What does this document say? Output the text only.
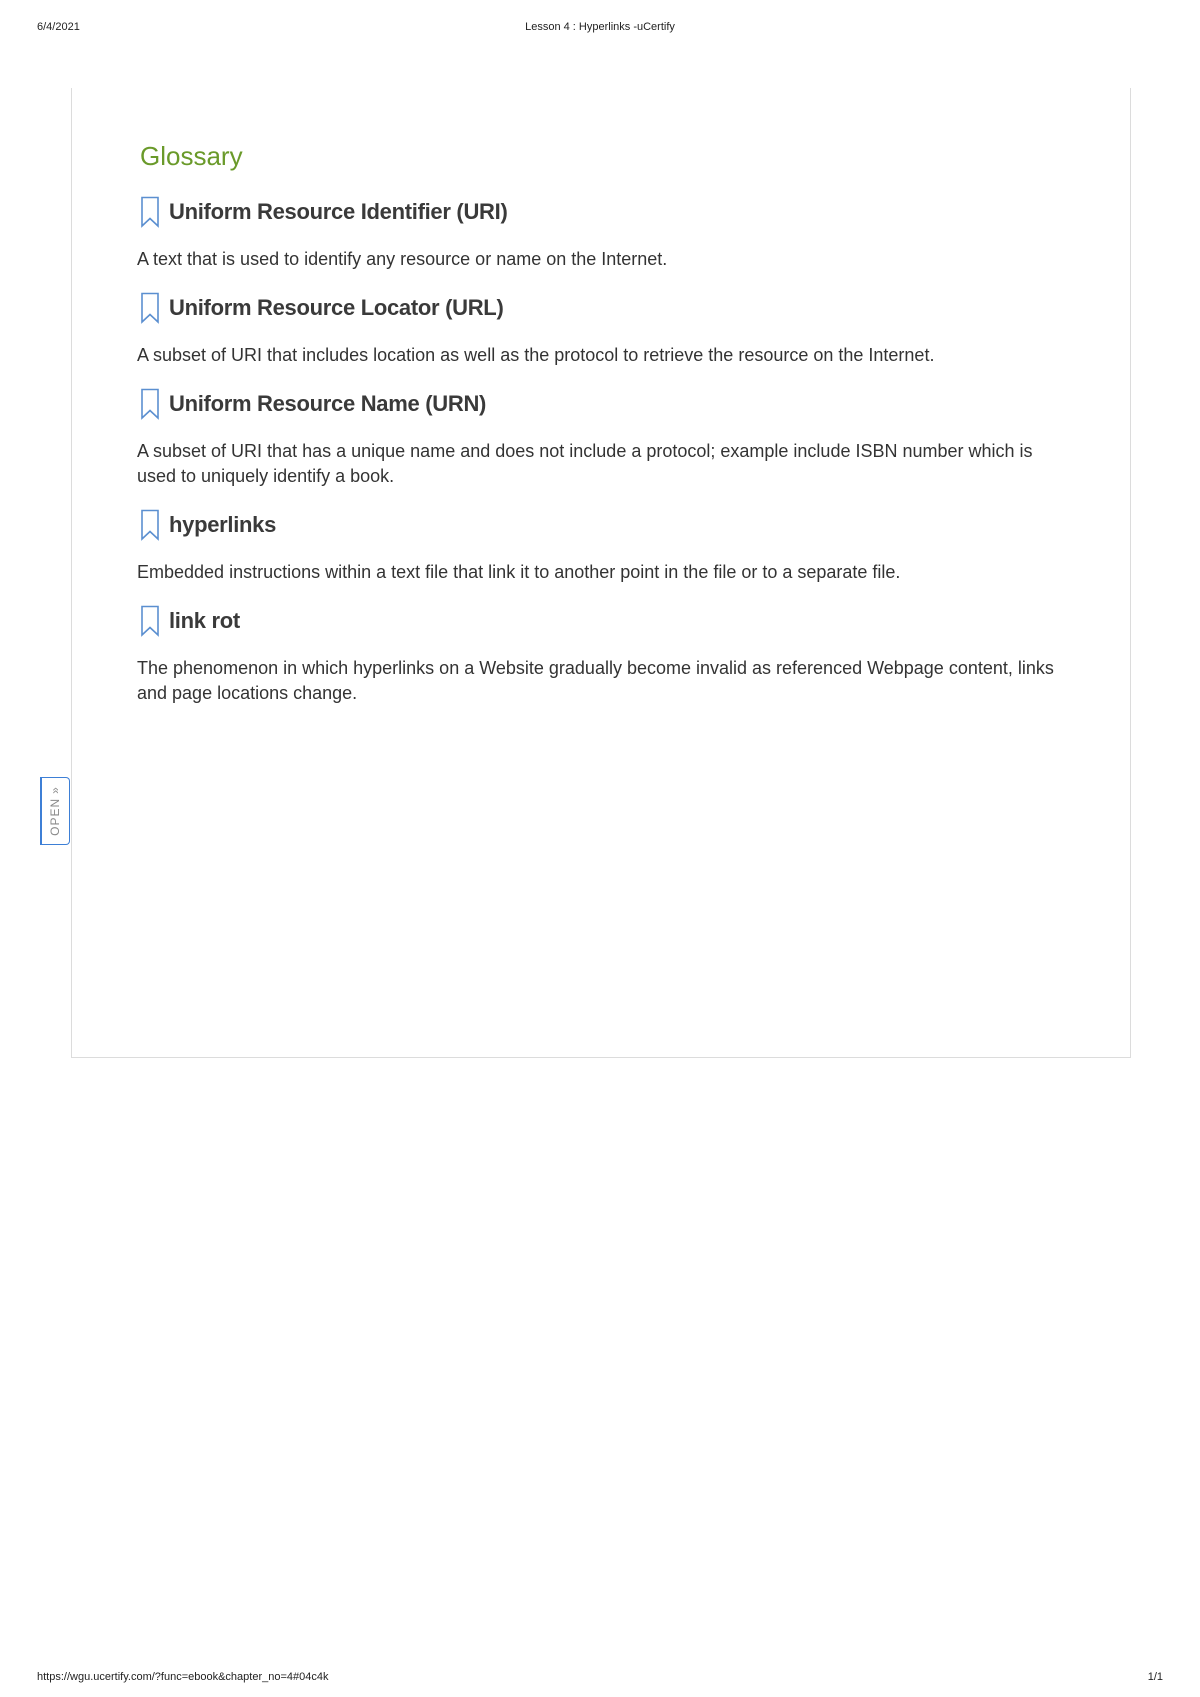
6/4/2021	Lesson 4 : Hyperlinks -uCertify
OPEN
»
Glossary
Uniform Resource Identifier (URI)

A text that is used to identify any resource or name on the Internet.

Uniform Resource Locator (URL)

A subset of URI that includes location as well as the protocol to retrieve the resource on the Internet.

Uniform Resource Name (URN)

A subset of URI that has a unique name and does not include a protocol; example include ISBN number which is used to uniquely identify a book.

hyperlinks

Embedded instructions within a text file that link it to another point in the file or to a separate file.

link rot

The phenomenon in which hyperlinks on a Website gradually become invalid as referenced Webpage content, links and page locations change.

https://wgu.ucertify.com/?func=ebook&chapter_no=4#04c4k	1/1
